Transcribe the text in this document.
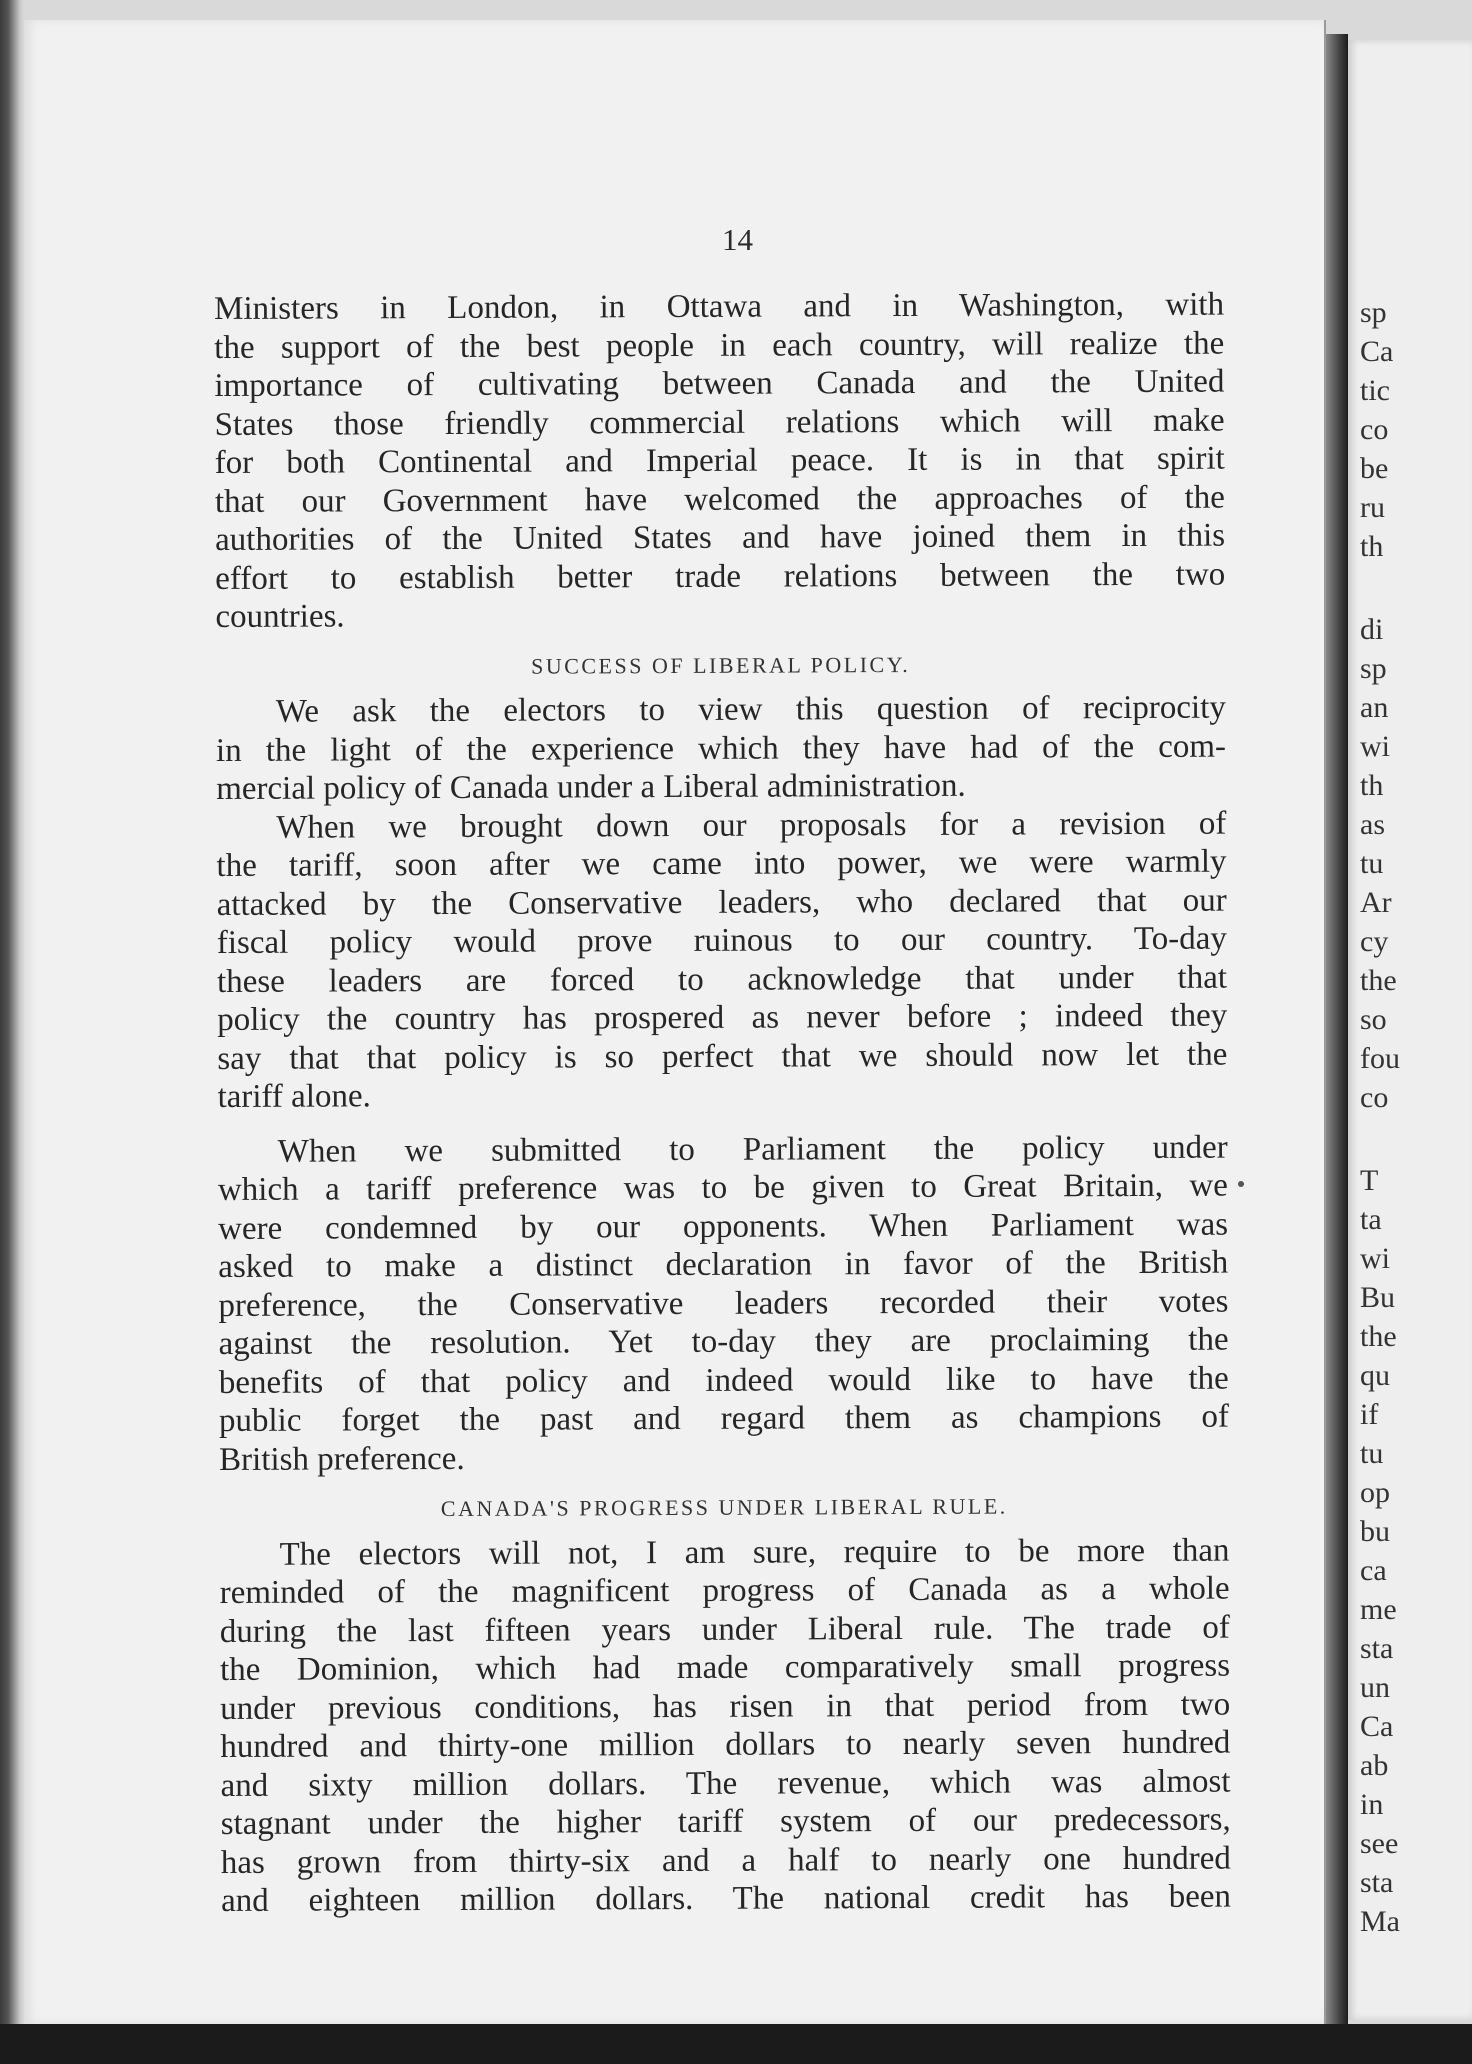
14

Ministers in London, in Ottawa and in Washington, with
the support of the best people in each country, will realize the
importance of cultivating between Canada and the United
States those friendly commercial relations which will make
for both Continental and Imperial peace. It is in that spirit
that our Government have welcomed the approaches of the
authorities of the United States and have joined them in this
effort to establish better trade relations between the two
countries.

SUCCESS OF LIBERAL POLICY.

We ask the electors to view this question of reciprocity
in the light of the experience which they have had of the com-
mercial policy of Canada under a Liberal administration.

When we brought down our proposals for a revision of
the tariff, soon after we came into power, we were warmly
attacked by the Conservative leaders, who declared that our
fiscal policy would prove ruinous to our country. To-day
these leaders are forced to acknowledge that under that
policy the country has prospered as never before ; indeed they
say that that policy is so perfect that we should now let the
tariff alone.

When we submitted to Parliament the policy under
which a tariff preference was to be given to Great Britain, we
were condemned by our opponents. When Parliament was
asked to make a distinct declaration in favor of the British
preference, the Conservative leaders recorded their votes
against the resolution. Yet to-day they are proclaiming the
benefits of that policy and indeed would like to have the
public forget the past and regard them as champions of
British preference.

CANADA'S PROGRESS UNDER LIBERAL RULE.

The electors will not, I am sure, require to be more than
reminded of the magnificent progress of Canada as a whole
during the last fifteen years under Liberal rule. The trade of
the Dominion, which had made comparatively small progress
under previous conditions, has risen in that period from two
hundred and thirty-one million dollars to nearly seven hundred
and sixty million dollars. The revenue, which was almost
stagnant under the higher tariff system of our predecessors,
has grown from thirty-six and a half to nearly one hundred
and eighteen million dollars. The national credit has been

sp
Ca
tic
co
be
ru
th
di
sp
an
wi
th
as
tu
Ar
cy
the
so
fou
co
T
ta
wi
Bu
the
qu
if
tu
op
bu
ca
me
sta
un
Ca
ab
in
see
sta
Ma
